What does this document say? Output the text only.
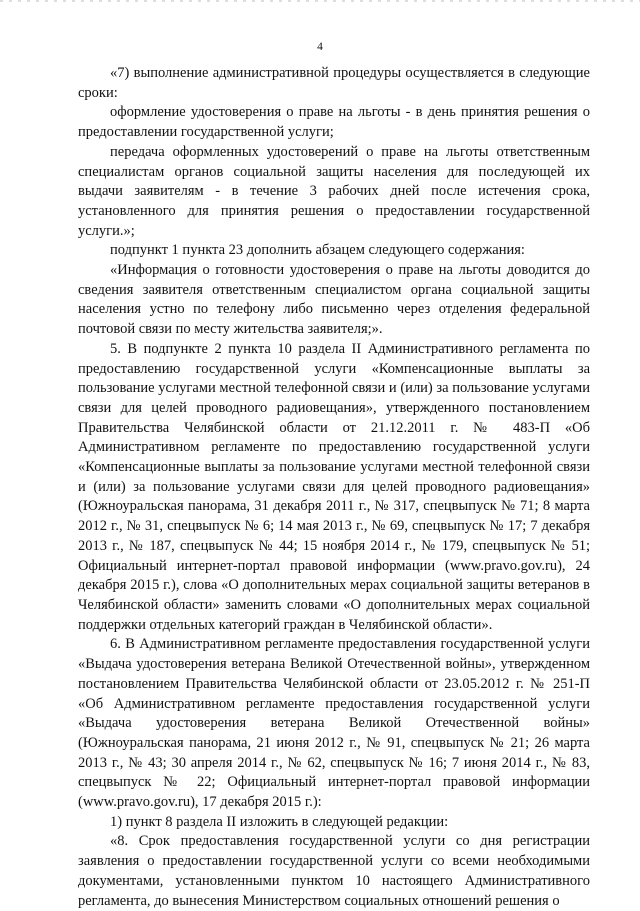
4

«7) выполнение административной процедуры осуществляется в следующие сроки:

оформление удостоверения о праве на льготы - в день принятия решения о предоставлении государственной услуги;

передача оформленных удостоверений о праве на льготы ответственным специалистам органов социальной защиты населения для последующей их выдачи заявителям - в течение 3 рабочих дней после истечения срока, установленного для принятия решения о предоставлении государственной услуги.»;

подпункт 1 пункта 23 дополнить абзацем следующего содержания:

«Информация о готовности удостоверения о праве на льготы доводится до сведения заявителя ответственным специалистом органа социальной защиты населения устно по телефону либо письменно через отделения федеральной почтовой связи по месту жительства заявителя;».

5. В подпункте 2 пункта 10 раздела II Административного регламента по предоставлению государственной услуги «Компенсационные выплаты за пользование услугами местной телефонной связи и (или) за пользование услугами связи для целей проводного радиовещания», утвержденного постановлением Правительства Челябинской области от 21.12.2011 г. № 483-П «Об Административном регламенте по предоставлению государственной услуги «Компенсационные выплаты за пользование услугами местной телефонной связи и (или) за пользование услугами связи для целей проводного радиовещания» (Южноуральская панорама, 31 декабря 2011 г., № 317, спецвыпуск № 71; 8 марта 2012 г., № 31, спецвыпуск № 6; 14 мая 2013 г., № 69, спецвыпуск № 17; 7 декабря 2013 г., № 187, спецвыпуск № 44; 15 ноября 2014 г., № 179, спецвыпуск № 51; Официальный интернет-портал правовой информации (www.pravo.gov.ru), 24 декабря 2015 г.), слова «О дополнительных мерах социальной защиты ветеранов в Челябинской области» заменить словами «О дополнительных мерах социальной поддержки отдельных категорий граждан в Челябинской области».

6. В Административном регламенте предоставления государственной услуги «Выдача удостоверения ветерана Великой Отечественной войны», утвержденном постановлением Правительства Челябинской области от 23.05.2012 г. № 251-П «Об Административном регламенте предоставления государственной услуги «Выдача удостоверения ветерана Великой Отечественной войны» (Южноуральская панорама, 21 июня 2012 г., № 91, спецвыпуск № 21; 26 марта 2013 г., № 43; 30 апреля 2014 г., № 62, спецвыпуск № 16; 7 июня 2014 г., № 83, спецвыпуск № 22; Официальный интернет-портал правовой информации (www.pravo.gov.ru), 17 декабря 2015 г.):

1) пункт 8 раздела II изложить в следующей редакции:

«8. Срок предоставления государственной услуги со дня регистрации заявления о предоставлении государственной услуги со всеми необходимыми документами, установленными пунктом 10 настоящего Административного регламента, до вынесения Министерством социальных отношений решения о
